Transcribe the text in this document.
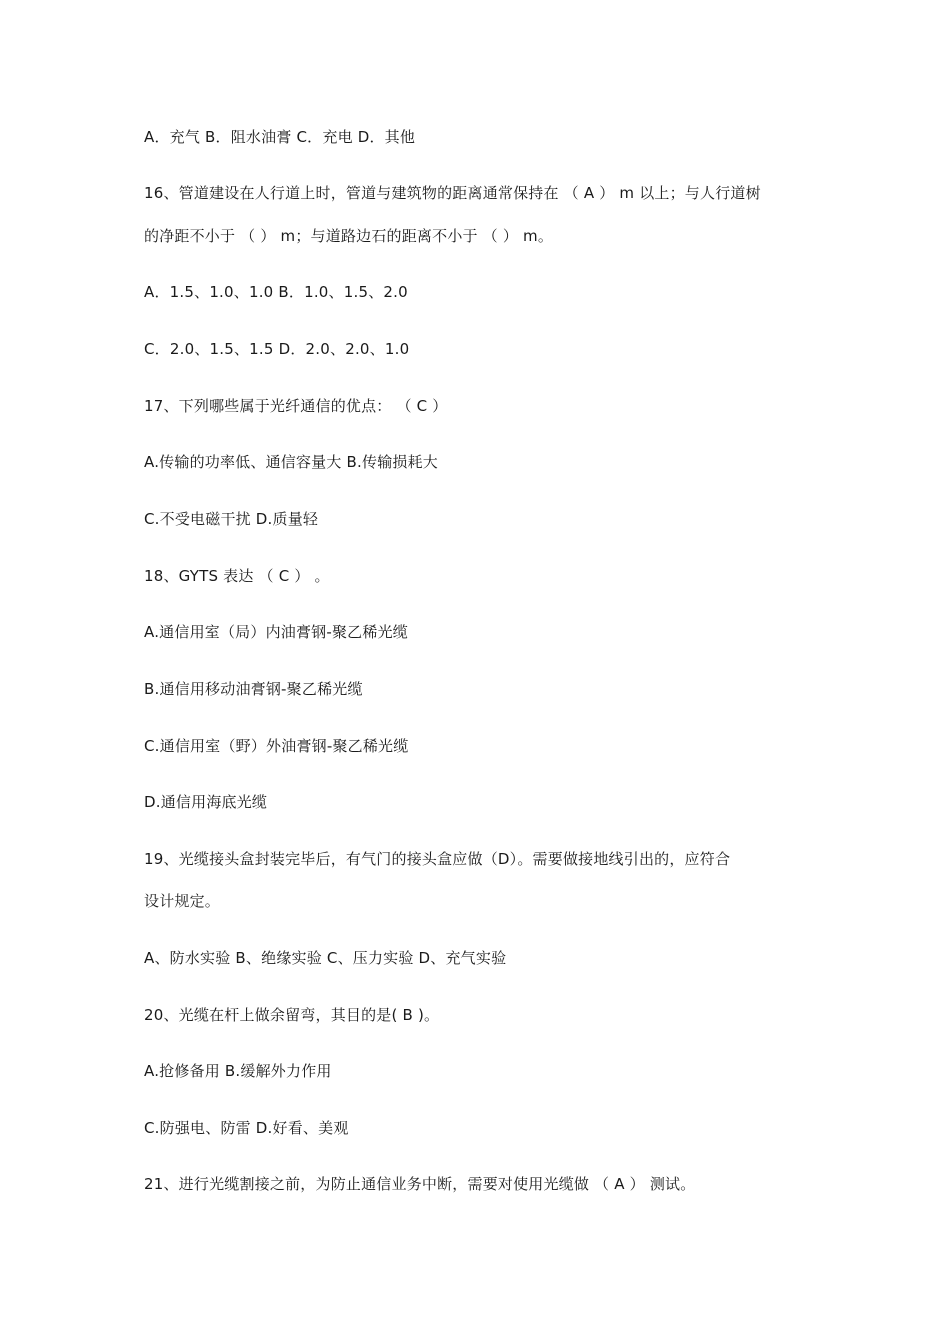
A．充气 B．阻水油膏 C．充电 D．其他
16、管道建设在人行道上时，管道与建筑物的距离通常保持在 （ A ） m 以上；与人行道树
的净距不小于 （ ） m；与道路边石的距离不小于 （ ） m。
A．1.5、1.0、1.0 B．1.0、1.5、2.0
C．2.0、1.5、1.5 D．2.0、2.0、1.0
17、下列哪些属于光纤通信的优点： （ C ）
A.传输的功率低、通信容量大 B.传输损耗大
C.不受电磁干扰 D.质量轻
18、GYTS 表达 （ C ） 。
A.通信用室（局）内油膏钢-聚乙稀光缆
B.通信用移动油膏钢-聚乙稀光缆
C.通信用室（野）外油膏钢-聚乙稀光缆
D.通信用海底光缆
19、光缆接头盒封装完毕后，有气门的接头盒应做（D）。需要做接地线引出的，应符合
设计规定。
A、防水实验 B、绝缘实验 C、压力实验 D、充气实验
20、光缆在杆上做余留弯，其目的是( B )。
A.抢修备用 B.缓解外力作用
C.防强电、防雷 D.好看、美观
21、进行光缆割接之前，为防止通信业务中断，需要对使用光缆做 （ A ） 测试。
